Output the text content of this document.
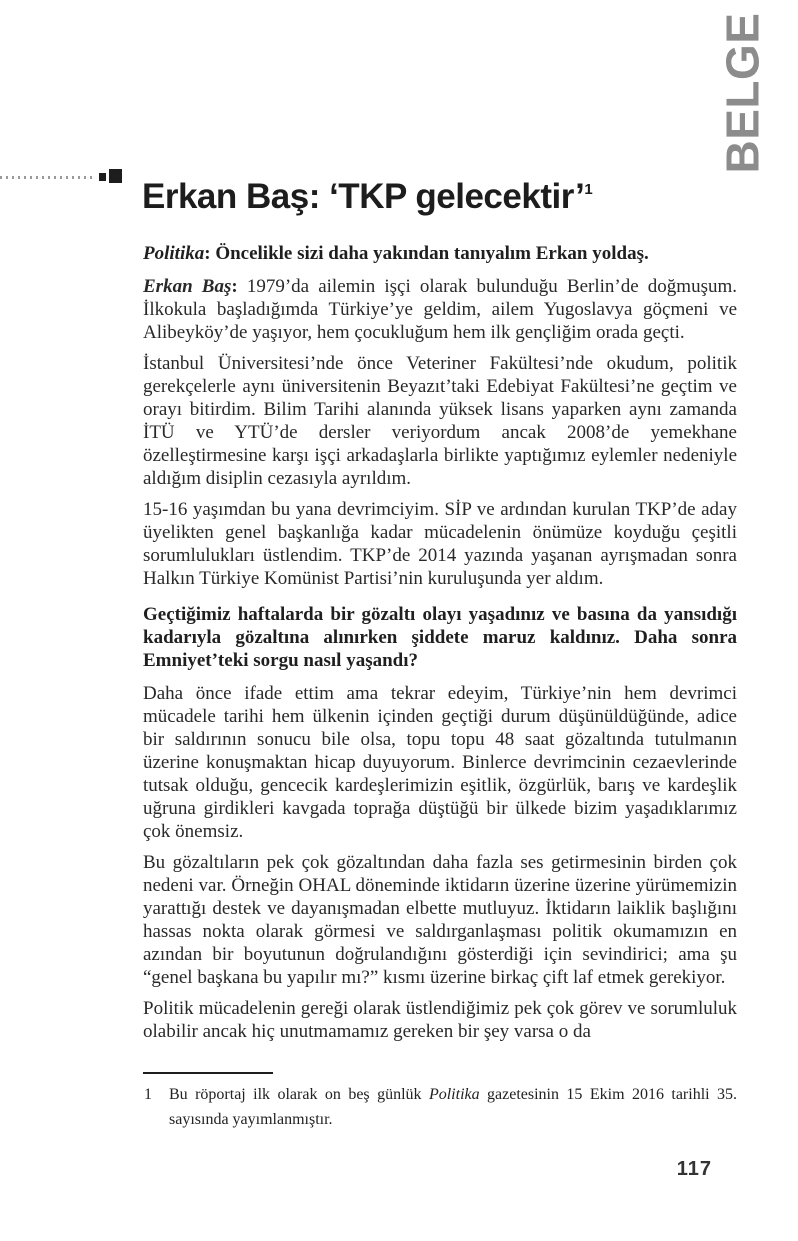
BELGE
Erkan Baş: ‘TKP gelecektir’$^1$

Politika: Öncelikle sizi daha yakından tanıyalım Erkan yoldaş.

Erkan Baş: 1979’da ailemin işçi olarak bulunduğu Berlin’de doğmuşum. İlkokula başladığımda Türkiye’ye geldim, ailem Yugoslavya göçmeni ve Alibeyköy’de yaşıyor, hem çocukluğum hem ilk gençliğim orada geçti.

İstanbul Üniversitesi’nde önce Veteriner Fakültesi’nde okudum, politik gerekçelerle aynı üniversitenin Beyazıt’taki Edebiyat Fakültesi’ne geçtim ve orayı bitirdim. Bilim Tarihi alanında yüksek lisans yaparken aynı zamanda İTÜ ve YTÜ’de dersler veriyordum ancak 2008’de yemekhane özelleştirmesine karşı işçi arkadaşlarla birlikte yaptığımız eylemler nedeniyle aldığım disiplin cezasıyla ayrıldım.

15-16 yaşımdan bu yana devrimciyim. SİP ve ardından kurulan TKP’de aday üyelikten genel başkanlığa kadar mücadelenin önümüze koyduğu çeşitli sorumlulukları üstlendim. TKP’de 2014 yazında yaşanan ayrışmadan sonra Halkın Türkiye Komünist Partisi’nin kuruluşunda yer aldım.

Geçtiğimiz haftalarda bir gözaltı olayı yaşadınız ve basına da yansıdığı kadarıyla gözaltına alınırken şiddete maruz kaldınız. Daha sonra Emniyet’teki sorgu nasıl yaşandı?

Daha önce ifade ettim ama tekrar edeyim, Türkiye’nin hem devrimci mücadele tarihi hem ülkenin içinden geçtiği durum düşünüldüğünde, adice bir saldırının sonucu bile olsa, topu topu 48 saat gözaltında tutulmanın üzerine konuşmaktan hicap duyuyorum. Binlerce devrimcinin cezaevlerinde tutsak olduğu, gencecik kardeşlerimizin eşitlik, özgürlük, barış ve kardeşlik uğruna girdikleri kavgada toprağa düştüğü bir ülkede bizim yaşadıklarımız çok önemsiz.

Bu gözaltıların pek çok gözaltından daha fazla ses getirmesinin birden çok nedeni var. Örneğin OHAL döneminde iktidarın üzerine üzerine yürümemizin yarattığı destek ve dayanışmadan elbette mutluyuz. İktidarın laiklik başlığını hassas nokta olarak görmesi ve saldırganlaşması politik okumamızın en azından bir boyutunun doğrulandığını gösterdiği için sevindirici; ama şu “genel başkana bu yapılır mı?” kısmı üzerine birkaç çift laf etmek gerekiyor.

Politik mücadelenin gereği olarak üstlendiğimiz pek çok görev ve sorumluluk olabilir ancak hiç unutmamamız gereken bir şey varsa o da

1 Bu röportaj ilk olarak on beş günlük Politika gazetesinin 15 Ekim 2016 tarihli 35. sayısında yayımlanmıştır.
117
